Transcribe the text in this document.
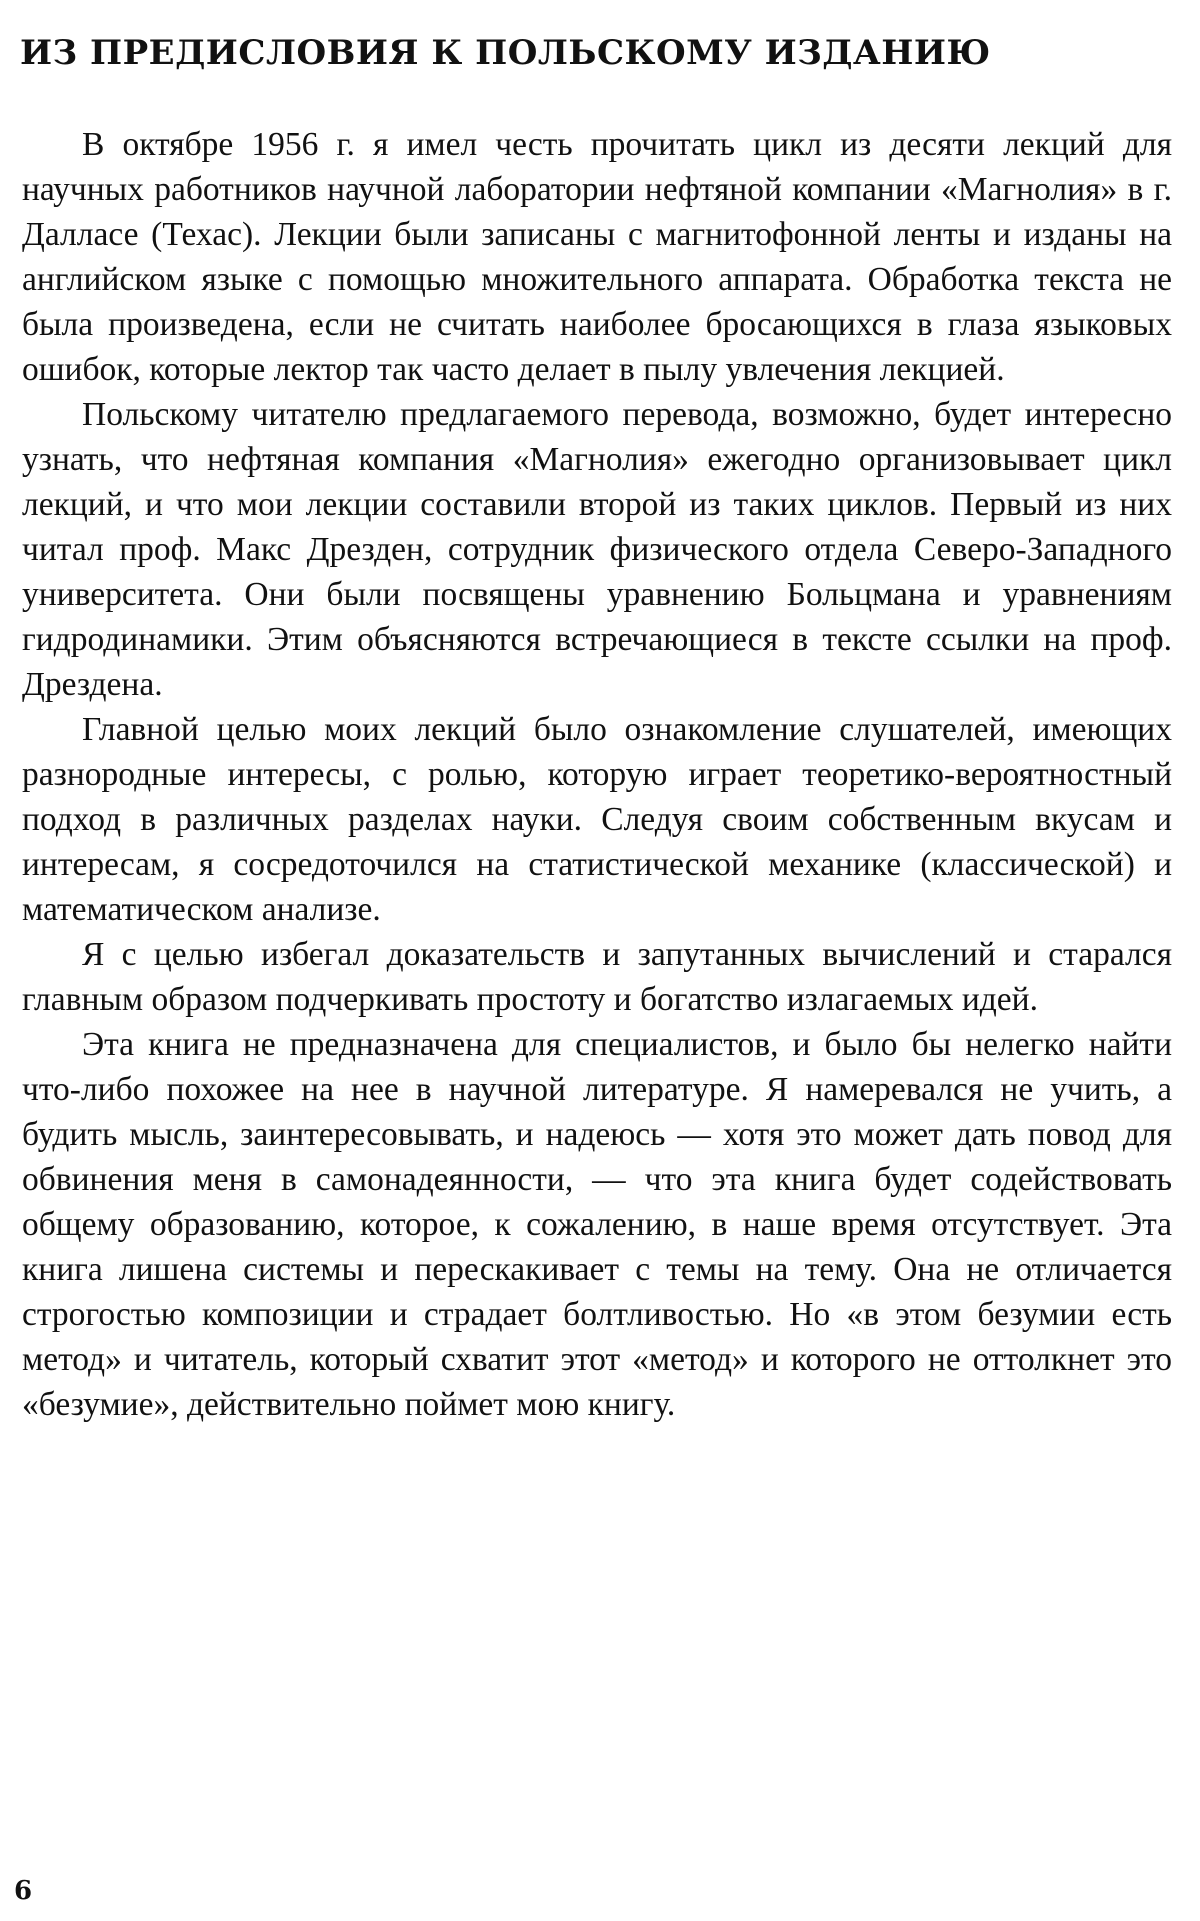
ИЗ ПРЕДИСЛОВИЯ К ПОЛЬСКОМУ ИЗДАНИЮ

В октябре 1956 г. я имел честь прочитать цикл из десяти лекций для научных работников научной лаборатории нефтяной компании «Магнолия» в г. Далласе (Техас). Лекции были записаны с магнитофонной ленты и изданы на английском языке с помощью множительного аппарата. Обработка текста не была произведена, если не считать наиболее бросающихся в глаза языковых ошибок, которые лектор так часто делает в пылу увлечения лекцией.

Польскому читателю предлагаемого перевода, возможно, будет интересно узнать, что нефтяная компания «Магнолия» ежегодно организовывает цикл лекций, и что мои лекции составили второй из таких циклов. Первый из них читал проф. Макс Дрезден, сотрудник физического отдела Северо-Западного университета. Они были посвящены уравнению Больцмана и уравнениям гидродинамики. Этим объясняются встречающиеся в тексте ссылки на проф. Дрездена.

Главной целью моих лекций было ознакомление слушателей, имеющих разнородные интересы, с ролью, которую играет теоретико-вероятностный подход в различных разделах науки. Следуя своим собственным вкусам и интересам, я сосредоточился на статистической механике (классической) и математическом анализе.

Я с целью избегал доказательств и запутанных вычислений и старался главным образом подчеркивать простоту и богатство излагаемых идей.

Эта книга не предназначена для специалистов, и было бы нелегко найти что-либо похожее на нее в научной литературе. Я намеревался не учить, а будить мысль, заинтересовывать, и надеюсь — хотя это может дать повод для обвинения меня в самонадеянности, — что эта книга будет содействовать общему образованию, которое, к сожалению, в наше время отсутствует. Эта книга лишена системы и перескакивает с темы на тему. Она не отличается строгостью композиции и страдает болтливостью. Но «в этом безумии есть метод» и читатель, который схватит этот «метод» и которого не оттолкнет это «безумие», действительно поймет мою книгу.

6
